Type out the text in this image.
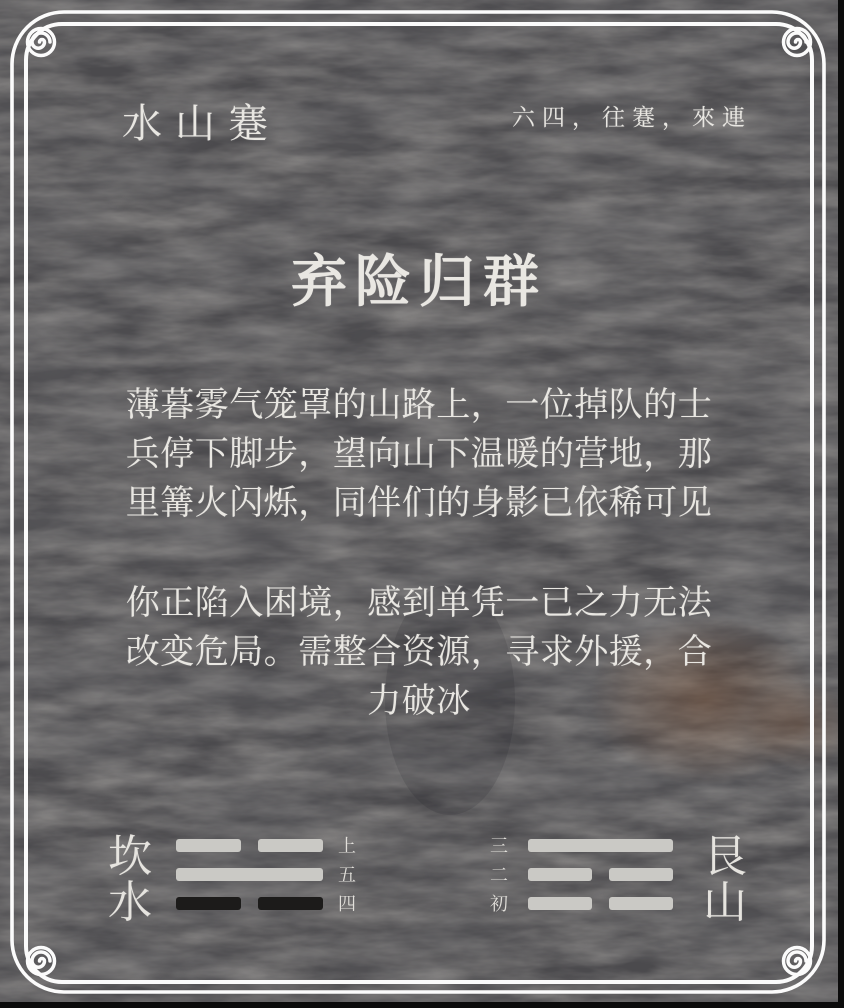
水山蹇	六四，往蹇，來連
弃险归群
薄暮雾气笼罩的山路上，一位掉队的士
兵停下脚步，望向山下温暖的营地，那
里篝火闪烁，同伴们的身影已依稀可见
你正陷入困境，感到单凭一已之力无法
改变危局。需整合资源，寻求外援，合
力破冰
坎
水
上
五
四
三
二
初
艮
山
